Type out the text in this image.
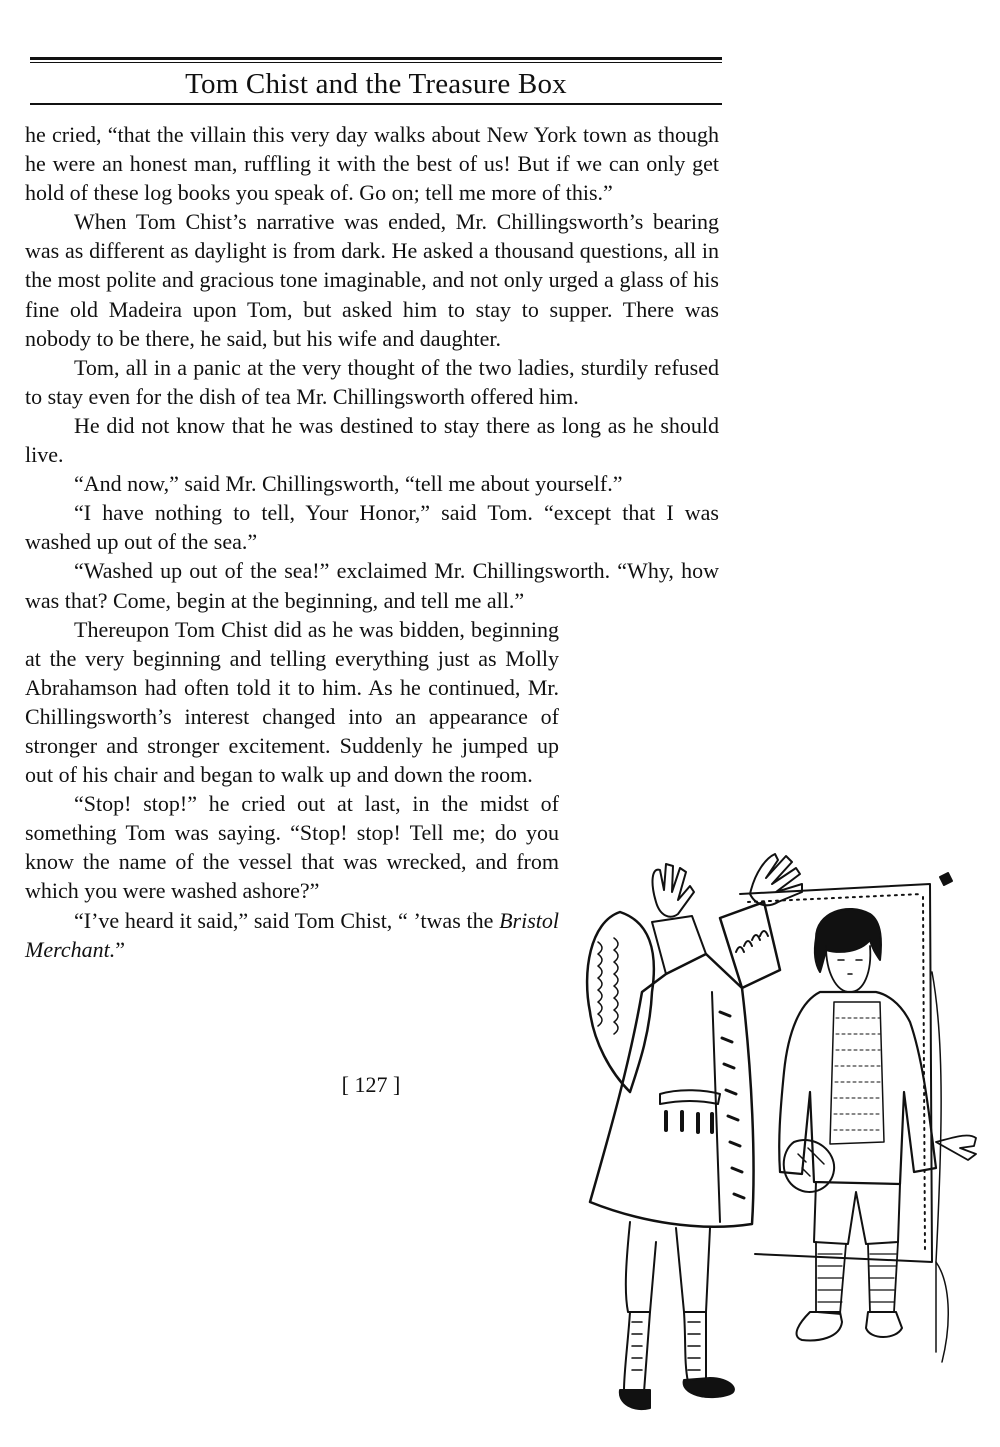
Tom Chist and the Treasure Box

he cried, “that the villain this very day walks about New York town as though he were an honest man, ruffling it with the best of us! But if we can only get hold of these log books you speak of. Go on; tell me more of this.”

When Tom Chist’s narrative was ended, Mr. Chillingsworth’s bearing was as different as daylight is from dark. He asked a thousand questions, all in the most polite and gracious tone imaginable, and not only urged a glass of his fine old Madeira upon Tom, but asked him to stay to supper. There was nobody to be there, he said, but his wife and daughter.

Tom, all in a panic at the very thought of the two ladies, sturdily refused to stay even for the dish of tea Mr. Chillingsworth offered him.

He did not know that he was destined to stay there as long as he should live.

“And now,” said Mr. Chillingsworth, “tell me about yourself.”

“I have nothing to tell, Your Honor,” said Tom. “except that I was washed up out of the sea.”

“Washed up out of the sea!” exclaimed Mr. Chillingsworth. “Why, how was that? Come, begin at the beginning, and tell me all.”

Thereupon Tom Chist did as he was bidden, beginning at the very beginning and telling everything just as Molly Abrahamson had often told it to him. As he continued, Mr. Chillingsworth’s interest changed into an appearance of stronger and stronger excitement. Suddenly he jumped up out of his chair and began to walk up and down the room.

“Stop! stop!” he cried out at last, in the midst of something Tom was saying. “Stop! stop! Tell me; do you know the name of the vessel that was wrecked, and from which you were washed ashore?”

“I’ve heard it said,” said Tom Chist, “ ’twas the Bristol Merchant.”

[ 127 ]
